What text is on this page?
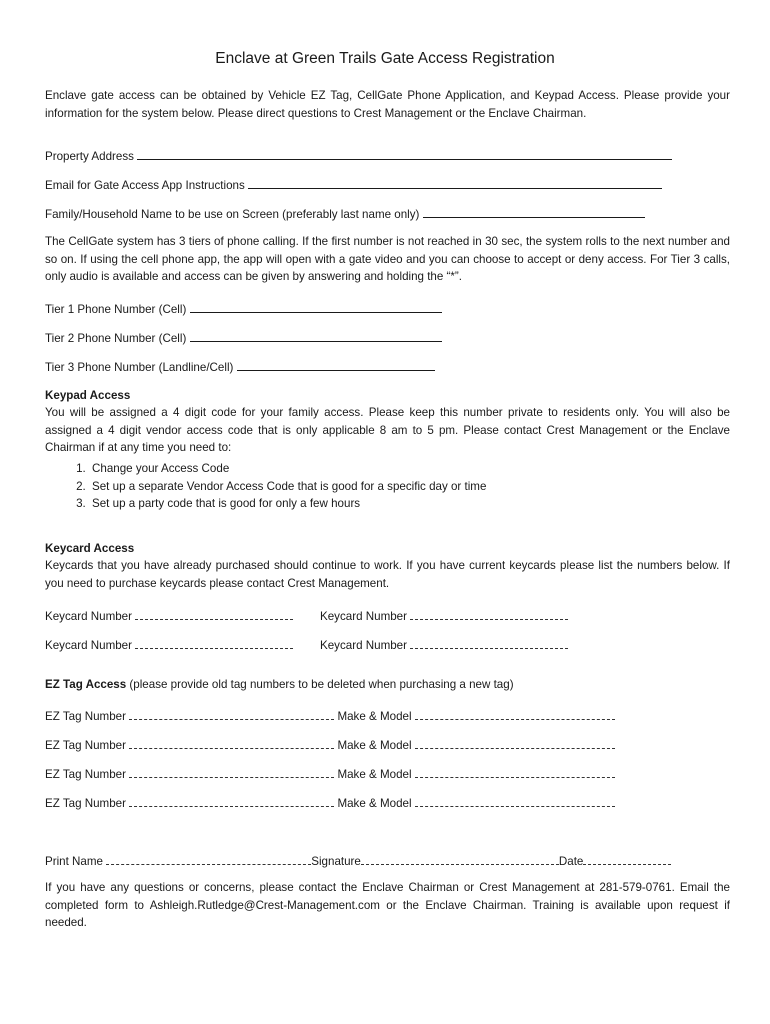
Enclave at Green Trails Gate Access Registration
Enclave gate access can be obtained by Vehicle EZ Tag, CellGate Phone Application, and Keypad Access. Please provide your information for the system below. Please direct questions to Crest Management or the Enclave Chairman.
Property Address
Email for Gate Access App Instructions
Family/Household Name to be use on Screen (preferably last name only)
The CellGate system has 3 tiers of phone calling. If the first number is not reached in 30 sec, the system rolls to the next number and so on. If using the cell phone app, the app will open with a gate video and you can choose to accept or deny access. For Tier 3 calls, only audio is available and access can be given by answering and holding the “*”.
Tier 1 Phone Number (Cell)
Tier 2 Phone Number (Cell)
Tier 3 Phone Number (Landline/Cell)
Keypad Access
You will be assigned a 4 digit code for your family access. Please keep this number private to residents only. You will also be assigned a 4 digit vendor access code that is only applicable 8 am to 5 pm. Please contact Crest Management or the Enclave Chairman if at any time you need to:
1. Change your Access Code
2. Set up a separate Vendor Access Code that is good for a specific day or time
3. Set up a party code that is good for only a few hours
Keycard Access
Keycards that you have already purchased should continue to work. If you have current keycards please list the numbers below. If you need to purchase keycards please contact Crest Management.
Keycard Number	Keycard Number
Keycard Number	Keycard Number
EZ Tag Access (please provide old tag numbers to be deleted when purchasing a new tag)
EZ Tag Number	Make & Model
EZ Tag Number	Make & Model
EZ Tag Number	Make & Model
EZ Tag Number	Make & Model
Print Name	Signature	Date
If you have any questions or concerns, please contact the Enclave Chairman or Crest Management at 281-579-0761. Email the completed form to Ashleigh.Rutledge@Crest-Management.com or the Enclave Chairman. Training is available upon request if needed.
